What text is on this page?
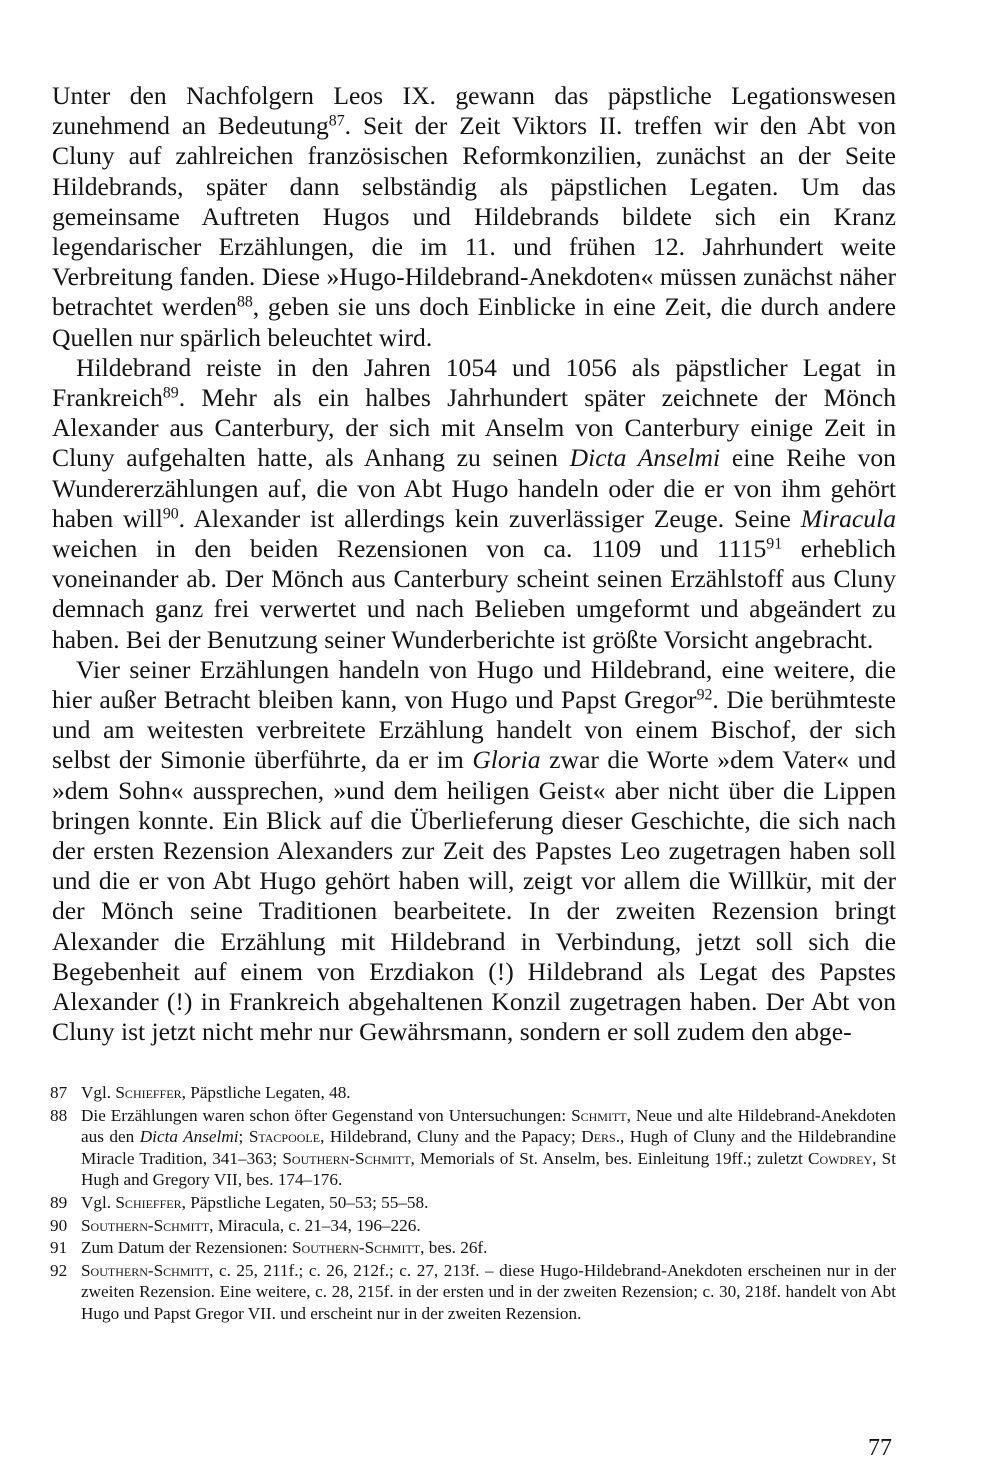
Unter den Nachfolgern Leos IX. gewann das päpstliche Legationswesen zunehmend an Bedeutung$^{87}$. Seit der Zeit Viktors II. treffen wir den Abt von Cluny auf zahlreichen französischen Reformkonzilien, zunächst an der Seite Hildebrands, später dann selbständig als päpstlichen Legaten. Um das gemeinsame Auftreten Hugos und Hildebrands bildete sich ein Kranz legendarischer Erzählungen, die im 11. und frühen 12. Jahrhundert weite Verbreitung fanden. Diese »Hugo-Hildebrand-Anekdoten« müssen zunächst näher betrachtet werden$^{88}$, geben sie uns doch Einblicke in eine Zeit, die durch andere Quellen nur spärlich beleuchtet wird.

Hildebrand reiste in den Jahren 1054 und 1056 als päpstlicher Legat in Frankreich$^{89}$. Mehr als ein halbes Jahrhundert später zeichnete der Mönch Alexander aus Canterbury, der sich mit Anselm von Canterbury einige Zeit in Cluny aufgehalten hatte, als Anhang zu seinen Dicta Anselmi eine Reihe von Wundererzählungen auf, die von Abt Hugo handeln oder die er von ihm gehört haben will$^{90}$. Alexander ist allerdings kein zuverlässiger Zeuge. Seine Miracula weichen in den beiden Rezensionen von ca. 1109 und 1115$^{91}$ erheblich voneinander ab. Der Mönch aus Canterbury scheint seinen Erzählstoff aus Cluny demnach ganz frei verwertet und nach Belieben umgeformt und abgeändert zu haben. Bei der Benutzung seiner Wunderberichte ist größte Vorsicht angebracht.

Vier seiner Erzählungen handeln von Hugo und Hildebrand, eine weitere, die hier außer Betracht bleiben kann, von Hugo und Papst Gregor$^{92}$. Die berühmteste und am weitesten verbreitete Erzählung handelt von einem Bischof, der sich selbst der Simonie überführte, da er im Gloria zwar die Worte »dem Vater« und »dem Sohn« aussprechen, »und dem heiligen Geist« aber nicht über die Lippen bringen konnte. Ein Blick auf die Überlieferung dieser Geschichte, die sich nach der ersten Rezension Alexanders zur Zeit des Papstes Leo zugetragen haben soll und die er von Abt Hugo gehört haben will, zeigt vor allem die Willkür, mit der der Mönch seine Traditionen bearbeitete. In der zweiten Rezension bringt Alexander die Erzählung mit Hildebrand in Verbindung, jetzt soll sich die Begebenheit auf einem von Erzdiakon (!) Hildebrand als Legat des Papstes Alexander (!) in Frankreich abgehaltenen Konzil zugetragen haben. Der Abt von Cluny ist jetzt nicht mehr nur Gewährsmann, sondern er soll zudem den abge-

87 Vgl. Schieffer, Päpstliche Legaten, 48.
88 Die Erzählungen waren schon öfter Gegenstand von Untersuchungen: Schmitt, Neue und alte Hildebrand-Anekdoten aus den Dicta Anselmi; Stacpoole, Hildebrand, Cluny and the Papacy; Ders., Hugh of Cluny and the Hildebrandine Miracle Tradition, 341–363; Southern-Schmitt, Memorials of St. Anselm, bes. Einleitung 19ff.; zuletzt Cowdrey, St Hugh and Gregory VII, bes. 174–176.
89 Vgl. Schieffer, Päpstliche Legaten, 50–53; 55–58.
90 Southern-Schmitt, Miracula, c. 21–34, 196–226.
91 Zum Datum der Rezensionen: Southern-Schmitt, bes. 26f.
92 Southern-Schmitt, c. 25, 211f.; c. 26, 212f.; c. 27, 213f. – diese Hugo-Hildebrand-Anekdoten erscheinen nur in der zweiten Rezension. Eine weitere, c. 28, 215f. in der ersten und in der zweiten Rezension; c. 30, 218f. handelt von Abt Hugo und Papst Gregor VII. und erscheint nur in der zweiten Rezension.
77
